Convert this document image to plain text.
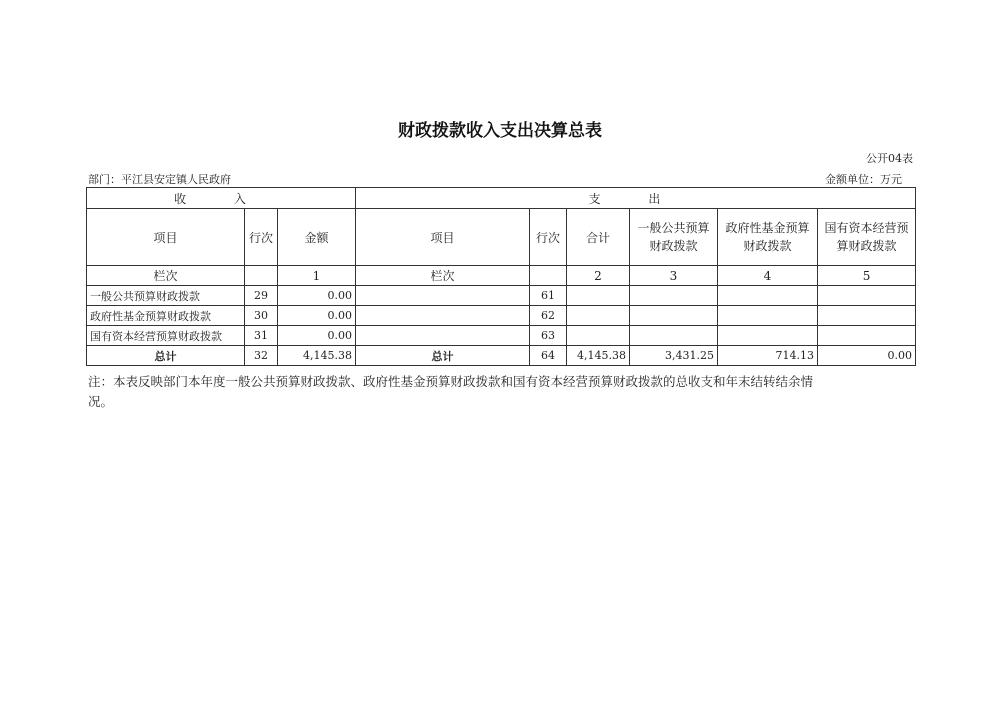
财政拨款收入支出决算总表
公开04表
部门：平江县安定镇人民政府	金额单位：万元
收 入			支 出					
项目	行次	金额	项目	行次	合计	一般公共预算财政拨款	政府性基金预算财政拨款	国有资本经营预算财政拨款
栏次		1	栏次		2	3	4	5
一般公共预算财政拨款	29	0.00		61				
政府性基金预算财政拨款	30	0.00		62				
国有资本经营预算财政拨款	31	0.00		63				
总计	32	4,145.38	总计	64	4,145.38	3,431.25	714.13	0.00
注：本表反映部门本年度一般公共预算财政拨款、政府性基金预算财政拨款和国有资本经营预算财政拨款的总收支和年末结转结余情况。
